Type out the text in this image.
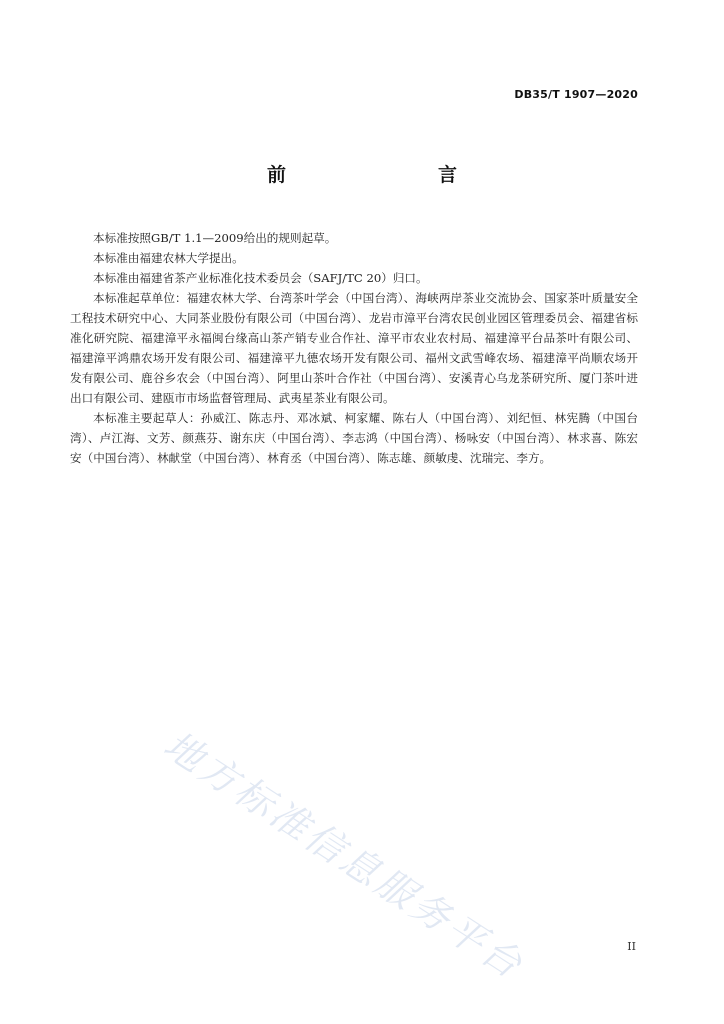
DB35/T 1907—2020
前　　言

本标准按照GB/T 1.1—2009给出的规则起草。

本标准由福建农林大学提出。

本标准由福建省茶产业标准化技术委员会（SAFJ/TC 20）归口。

本标准起草单位：福建农林大学、台湾茶叶学会（中国台湾）、海峡两岸茶业交流协会、国家茶叶质量安全工程技术研究中心、大同茶业股份有限公司（中国台湾）、龙岩市漳平台湾农民创业园区管理委员会、福建省标准化研究院、福建漳平永福闽台缘高山茶产销专业合作社、漳平市农业农村局、福建漳平台品茶叶有限公司、福建漳平鸿鼎农场开发有限公司、福建漳平九德农场开发有限公司、福州文武雪峰农场、福建漳平尚顺农场开发有限公司、鹿谷乡农会（中国台湾）、阿里山茶叶合作社（中国台湾）、安溪青心乌龙茶研究所、厦门茶叶进出口有限公司、建瓯市市场监督管理局、武夷星茶业有限公司。

本标准主要起草人：孙威江、陈志丹、邓冰斌、柯家耀、陈右人（中国台湾）、刘纪恒、林宪腾（中国台湾）、卢江海、文芳、颜燕芬、谢东庆（中国台湾）、李志鸿（中国台湾）、杨咏安（中国台湾）、林求喜、陈宏安（中国台湾）、林献堂（中国台湾）、林育丞（中国台湾）、陈志雄、颜敏虔、沈瑞完、李方。

地方标准信息服务平台	II
